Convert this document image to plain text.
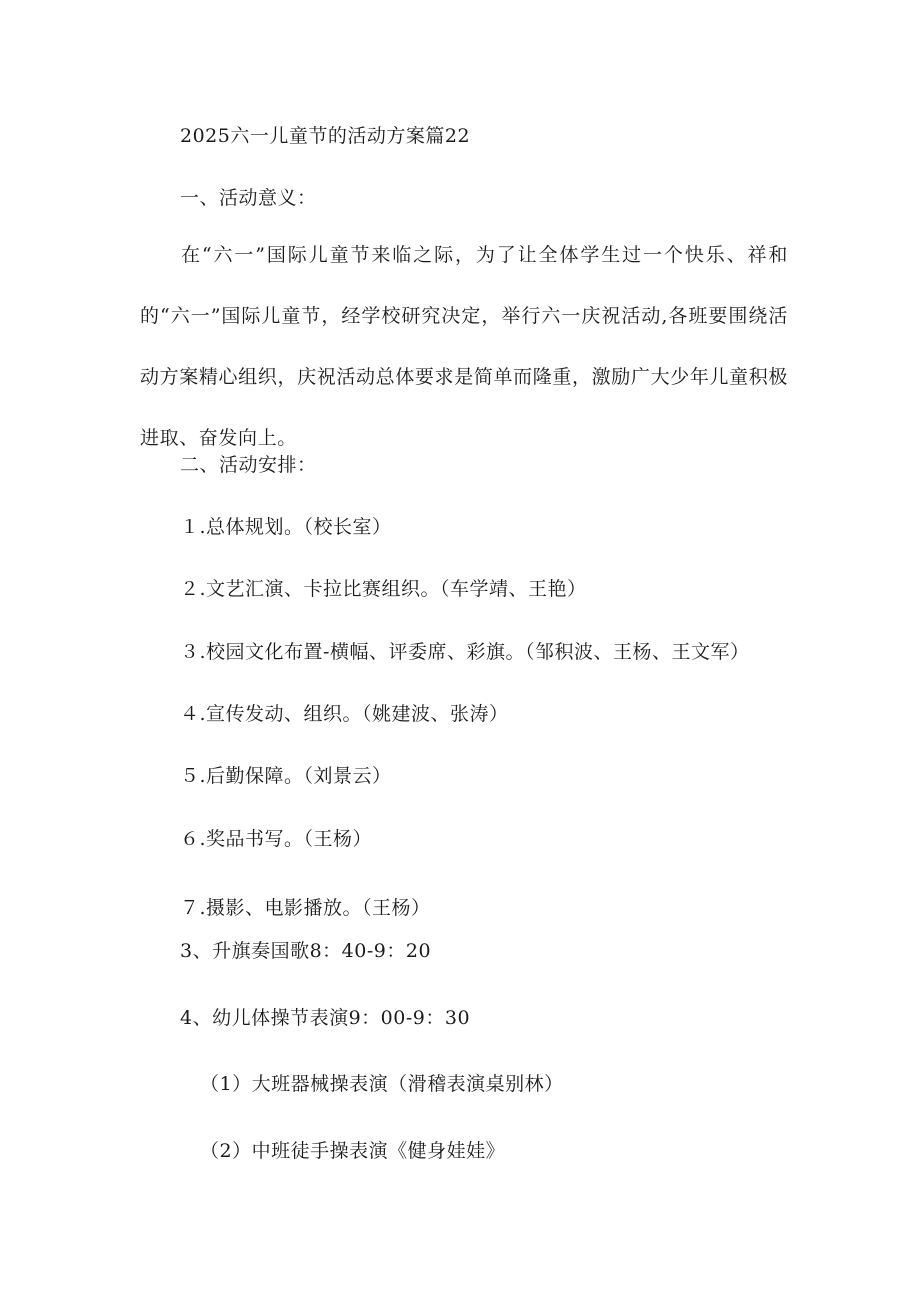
2025六一儿童节的活动方案篇22
一、活动意义：
在“六一”国际儿童节来临之际，为了让全体学生过一个快乐、祥和的“六一”国际儿童节，经学校研究决定，举行六一庆祝活动,各班要围绕活动方案精心组织，庆祝活动总体要求是简单而隆重，激励广大少年儿童积极进取、奋发向上。
二、活动安排：
１.总体规划。（校长室）
２.文艺汇演、卡拉比赛组织。（车学靖、王艳）
３.校园文化布置-横幅、评委席、彩旗。（邹积波、王杨、王文军）
４.宣传发动、组织。（姚建波、张涛）
５.后勤保障。（刘景云）
６.奖品书写。（王杨）
７.摄影、电影播放。（王杨）
3、升旗奏国歌8：40-9：20
4、幼儿体操节表演9：00-9：30
（1）大班器械操表演（滑稽表演桌别林）
（2）中班徒手操表演《健身娃娃》
